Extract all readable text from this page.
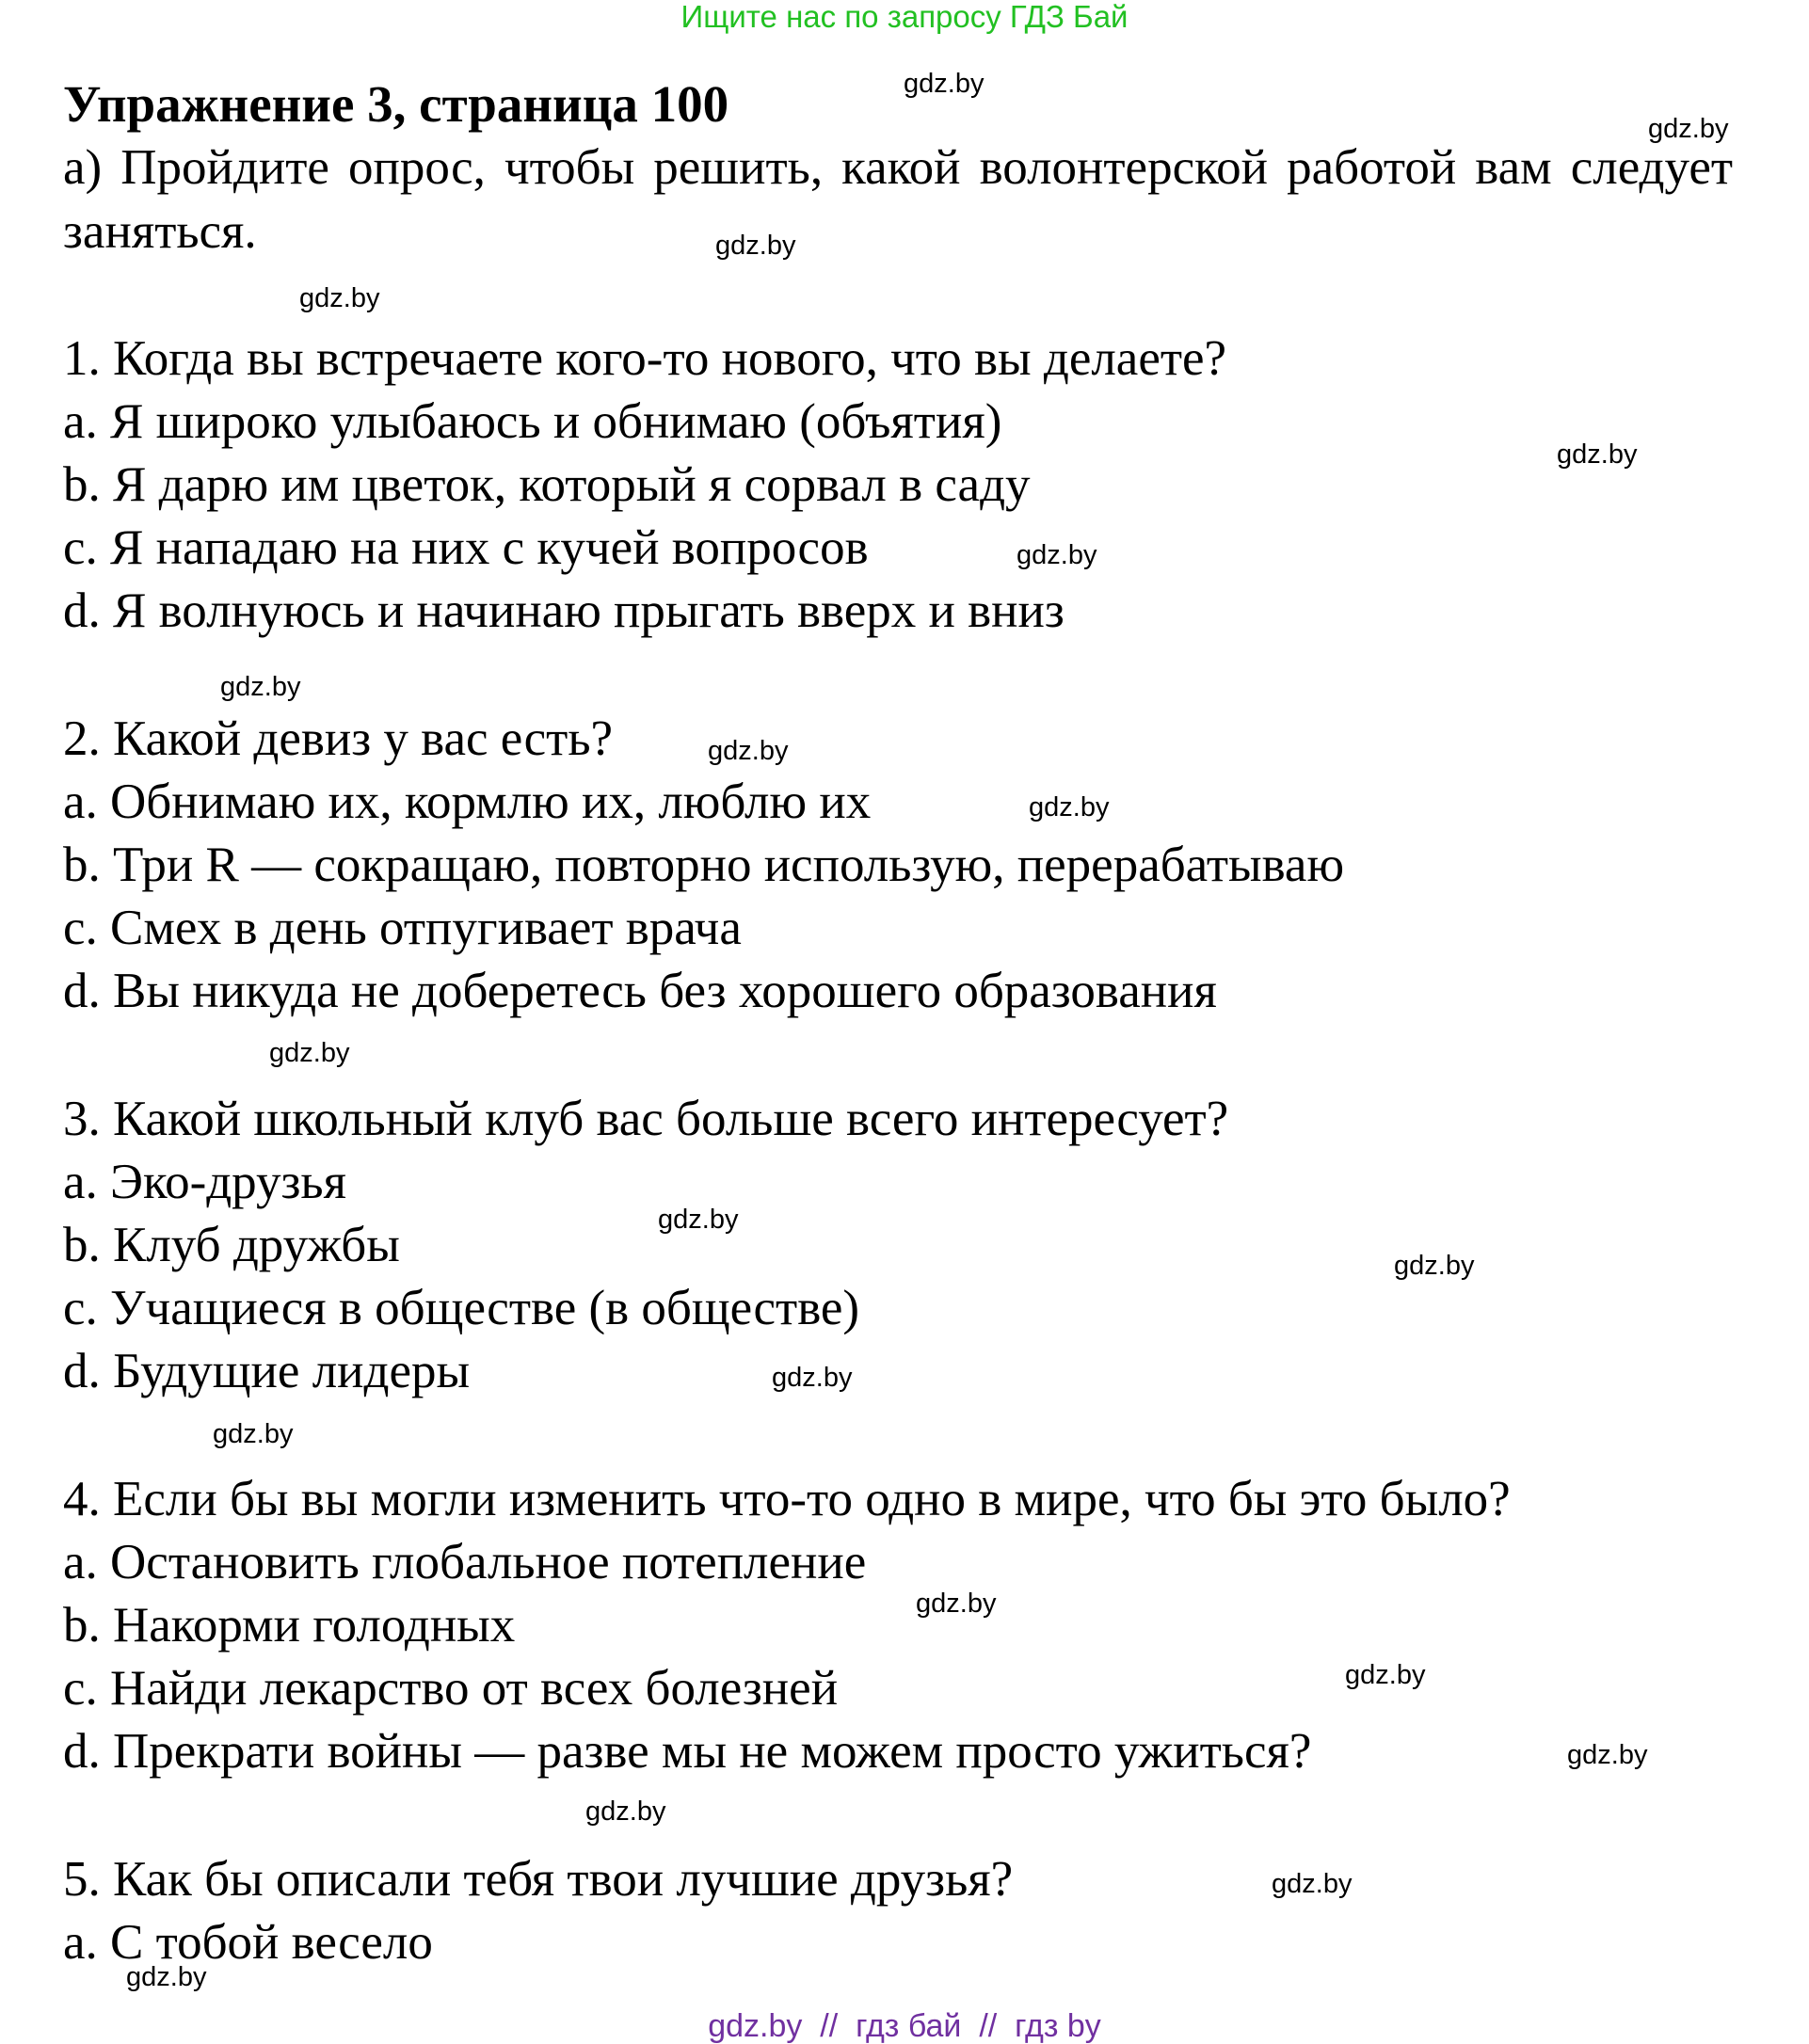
Ищите нас по запросу ГДЗ Бай
Упражнение 3, страница 100
a) Пройдите опрос, чтобы решить, какой волонтерской работой вам следует заняться.
1. Когда вы встречаете кого-то нового, что вы делаете?
a. Я широко улыбаюсь и обнимаю (объятия)
b. Я дарю им цветок, который я сорвал в саду
c. Я нападаю на них с кучей вопросов
d. Я волнуюсь и начинаю прыгать вверх и вниз
2. Какой девиз у вас есть?
a. Обнимаю их, кормлю их, люблю их
b. Три R — сокращаю, повторно использую, перерабатываю
c. Смех в день отпугивает врача
d. Вы никуда не доберетесь без хорошего образования
3. Какой школьный клуб вас больше всего интересует?
a. Эко-друзья
b. Клуб дружбы
c. Учащиеся в обществе (в обществе)
d. Будущие лидеры
4. Если бы вы могли изменить что-то одно в мире, что бы это было?
a. Остановить глобальное потепление
b. Накорми голодных
c. Найди лекарство от всех болезней
d. Прекрати войны — разве мы не можем просто ужиться?
5. Как бы описали тебя твои лучшие друзья?
a. С тобой весело
gdz.by
gdz.by
gdz.by
gdz.by
gdz.by
gdz.by
gdz.by
gdz.by
gdz.by
gdz.by
gdz.by
gdz.by
gdz.by
gdz.by
gdz.by
gdz.by
gdz.by
gdz.by
gdz.by
gdz.by
gdz.by  //  гдз бай  //  гдз by
